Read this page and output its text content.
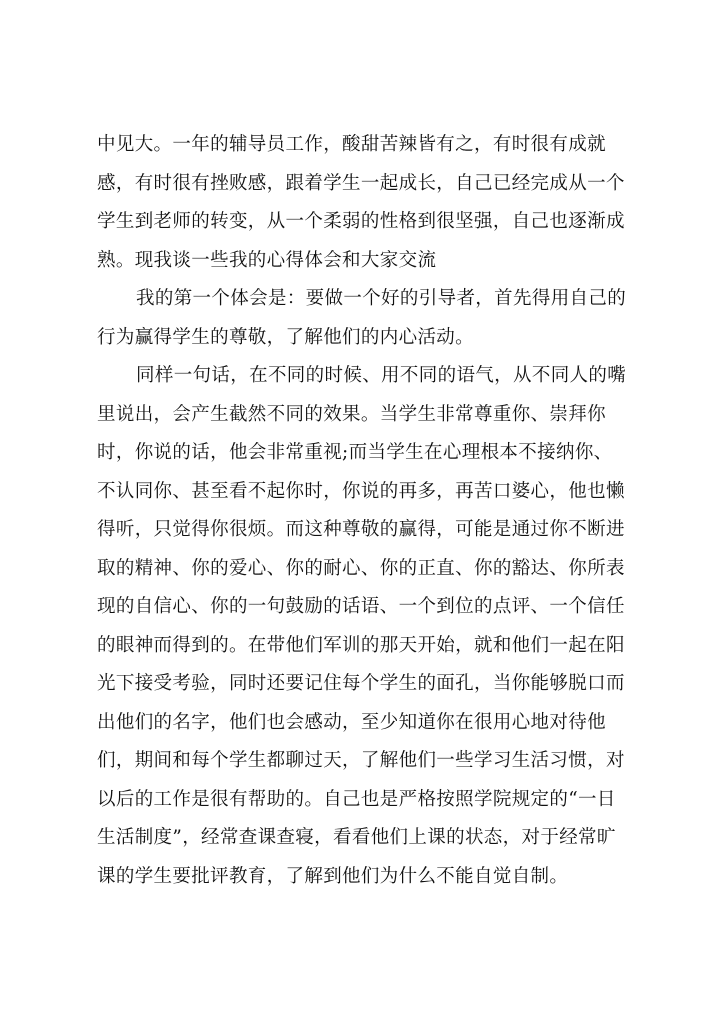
中见大。一年的辅导员工作，酸甜苦辣皆有之，有时很有成就
感，有时很有挫败感，跟着学生一起成长，自己已经完成从一个
学生到老师的转变，从一个柔弱的性格到很坚强，自己也逐渐成
熟。现我谈一些我的心得体会和大家交流
我的第一个体会是：要做一个好的引导者，首先得用自己的
行为赢得学生的尊敬，了解他们的内心活动。
同样一句话，在不同的时候、用不同的语气，从不同人的嘴
里说出，会产生截然不同的效果。当学生非常尊重你、崇拜你
时，你说的话，他会非常重视;而当学生在心理根本不接纳你、
不认同你、甚至看不起你时，你说的再多，再苦口婆心，他也懒
得听，只觉得你很烦。而这种尊敬的赢得，可能是通过你不断进
取的精神、你的爱心、你的耐心、你的正直、你的豁达、你所表
现的自信心、你的一句鼓励的话语、一个到位的点评、一个信任
的眼神而得到的。在带他们军训的那天开始，就和他们一起在阳
光下接受考验，同时还要记住每个学生的面孔，当你能够脱口而
出他们的名字，他们也会感动，至少知道你在很用心地对待他
们，期间和每个学生都聊过天，了解他们一些学习生活习惯，对
以后的工作是很有帮助的。自己也是严格按照学院规定的“一日
生活制度”，经常查课查寝，看看他们上课的状态，对于经常旷
课的学生要批评教育，了解到他们为什么不能自觉自制。
